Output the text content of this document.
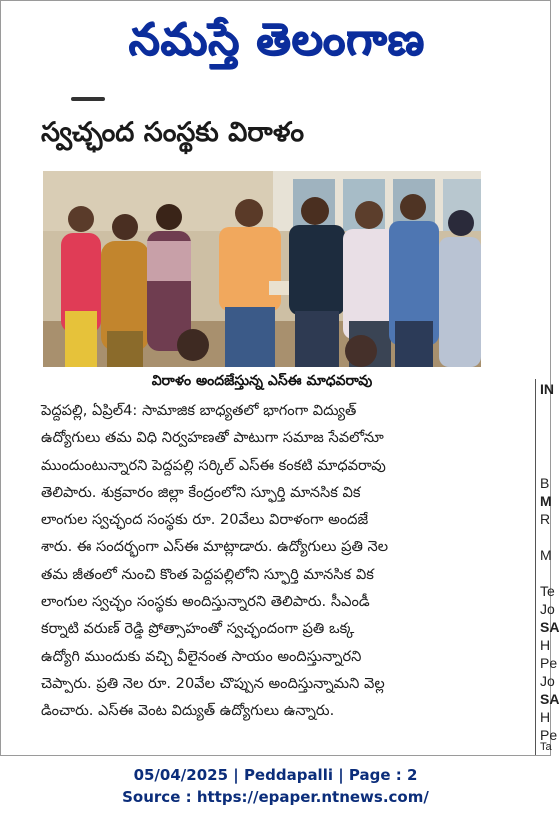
నమస్తే తెలంగాణ
స్వచ్ఛంద సంస్థకు విరాళం
విరాళం అందజేస్తున్న ఎస్ఈ మాధవరావు
పెద్దపల్లి, ఏప్రిల్4: సామాజిక బాధ్యతలో భాగంగా విద్యుత్
ఉద్యోగులు తమ విధి నిర్వహణతో పాటుగా సమాజ సేవలోనూ
ముందుంటున్నారని పెద్దపల్లి సర్కిల్ ఎస్ఈ కంకటి మాధవరావు
తెలిపారు. శుక్రవారం జిల్లా కేంద్రంలోని స్ఫూర్తి మానసిక విక
లాంగుల స్వచ్ఛంద సంస్థకు రూ. 20వేలు విరాళంగా అందజే
శారు. ఈ సందర్భంగా ఎస్ఈ మాట్లాడారు. ఉద్యోగులు ప్రతి నెల
తమ జీతంలో నుంచి కొంత పెద్దపల్లిలోని స్ఫూర్తి మానసిక విక
లాంగుల స్వచ్ఛం సంస్థకు అందిస్తున్నారని తెలిపారు. సీఎండీ
కర్నాటి వరుణ్ రెడ్డి ప్రోత్సాహంతో స్వచ్ఛందంగా ప్రతి ఒక్క
ఉద్యోగి ముందుకు వచ్చి వీలైనంత సాయం అందిస్తున్నారని
చెప్పారు. ప్రతి నెల రూ. 20వేల చొప్పున అందిస్తున్నామని వెల్ల
డించారు. ఎస్ఈ వెంట విద్యుత్ ఉద్యోగులు ఉన్నారు.
IN
B
M
R
M
Te
Jo
SA
H
Pe
Jo
SA
H
Pe
Ta
05/04/2025 | Peddapalli | Page : 2
Source : https://epaper.ntnews.com/
